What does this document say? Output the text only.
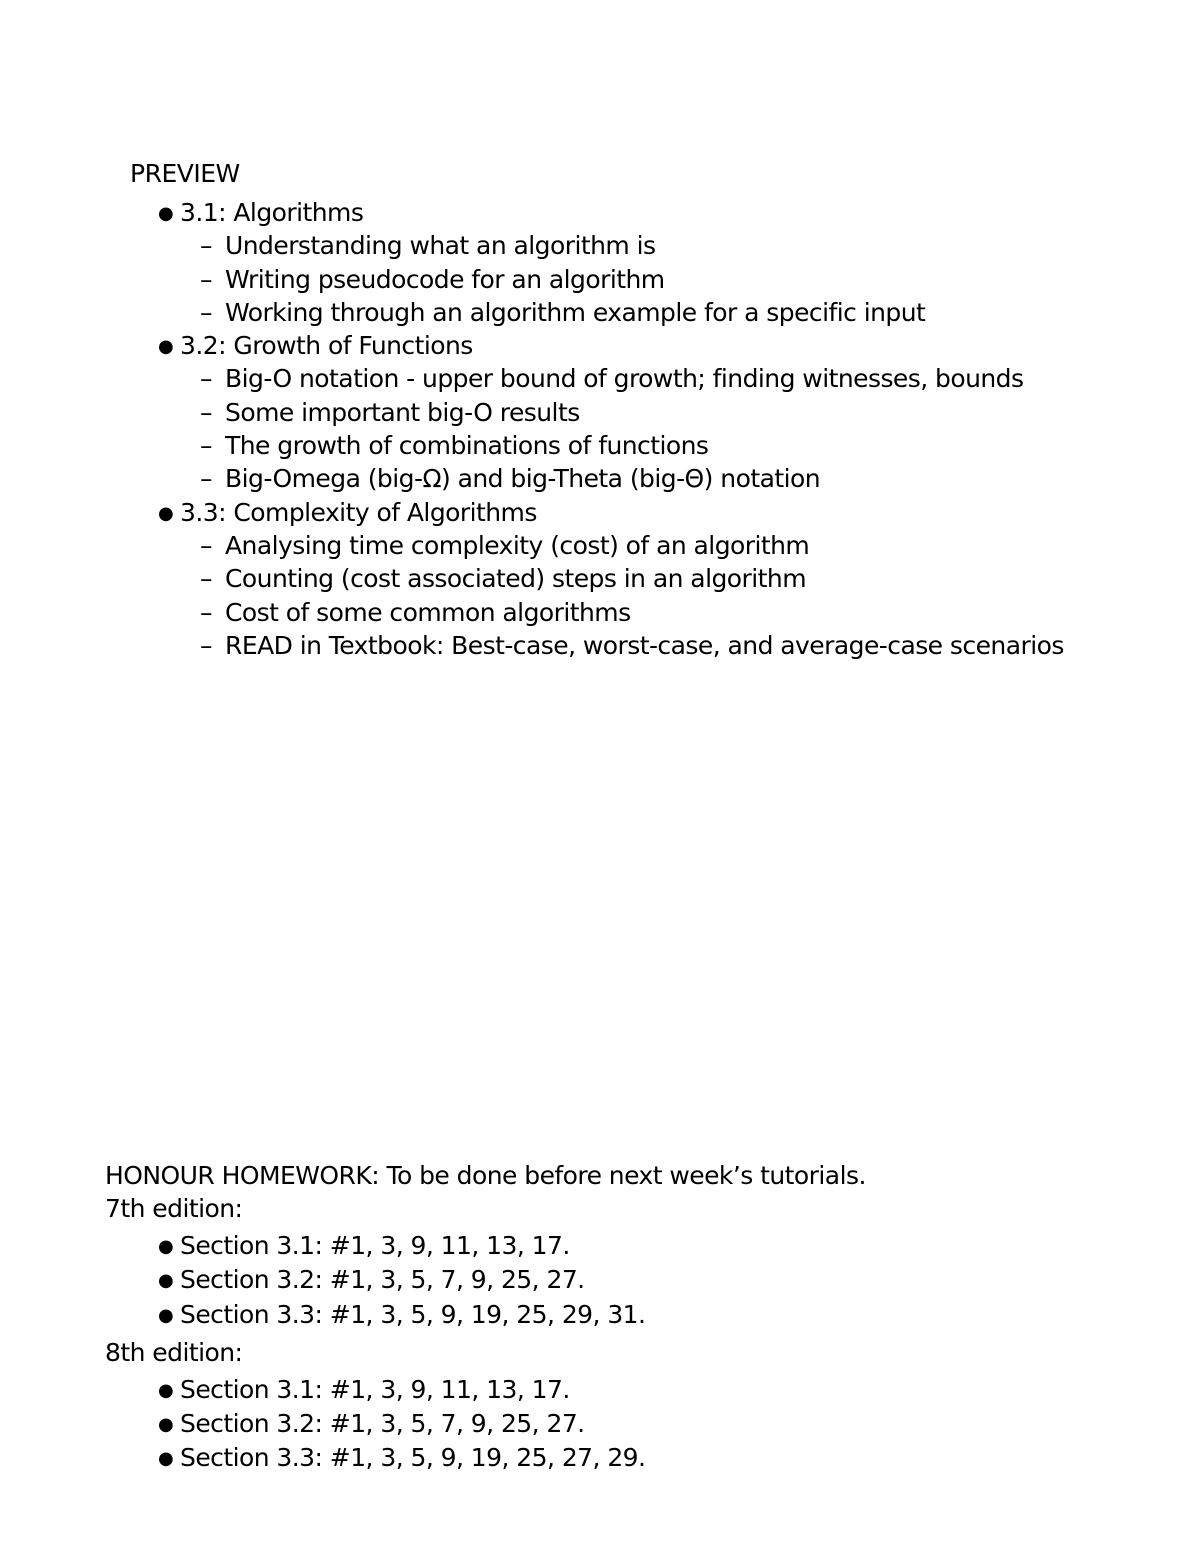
PREVIEW
● 3.1: Algorithms
– Understanding what an algorithm is
– Writing pseudocode for an algorithm
– Working through an algorithm example for a specific input
● 3.2: Growth of Functions
– Big-O notation - upper bound of growth; finding witnesses, bounds
– Some important big-O results
– The growth of combinations of functions
– Big-Omega (big-Ω) and big-Theta (big-Θ) notation
● 3.3: Complexity of Algorithms
– Analysing time complexity (cost) of an algorithm
– Counting (cost associated) steps in an algorithm
– Cost of some common algorithms
– READ in Textbook: Best-case, worst-case, and average-case scenarios
HONOUR HOMEWORK: To be done before next week’s tutorials.
7th edition:
● Section 3.1: #1, 3, 9, 11, 13, 17.
● Section 3.2: #1, 3, 5, 7, 9, 25, 27.
● Section 3.3: #1, 3, 5, 9, 19, 25, 29, 31.
8th edition:
● Section 3.1: #1, 3, 9, 11, 13, 17.
● Section 3.2: #1, 3, 5, 7, 9, 25, 27.
● Section 3.3: #1, 3, 5, 9, 19, 25, 27, 29.
